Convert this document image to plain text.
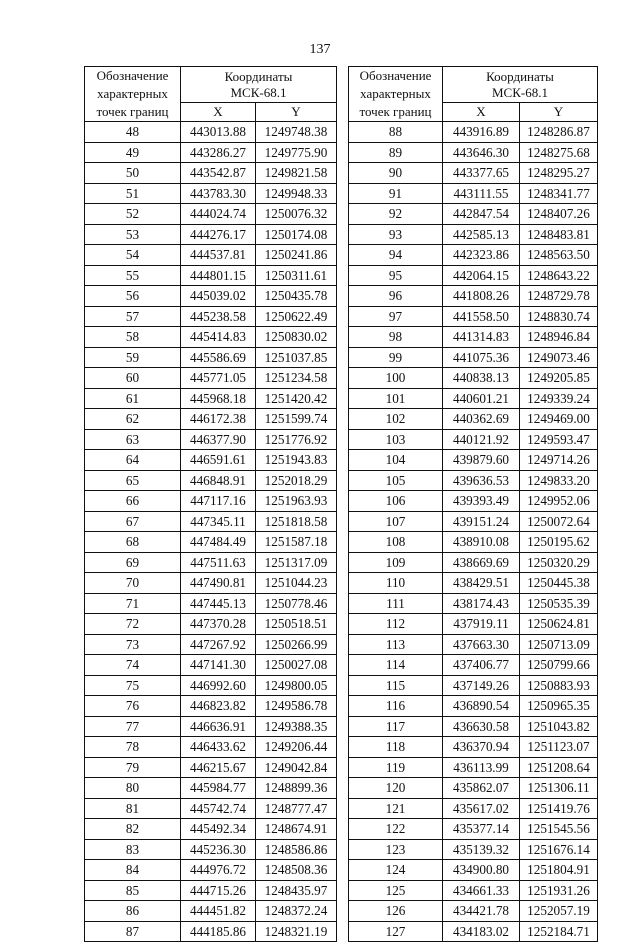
137
Обозначение
характерных
точек границ	Координаты
МСК-68.1	
	X	Y
48	443013.88	1249748.38
49	443286.27	1249775.90
50	443542.87	1249821.58
51	443783.30	1249948.33
52	444024.74	1250076.32
53	444276.17	1250174.08
54	444537.81	1250241.86
55	444801.15	1250311.61
56	445039.02	1250435.78
57	445238.58	1250622.49
58	445414.83	1250830.02
59	445586.69	1251037.85
60	445771.05	1251234.58
61	445968.18	1251420.42
62	446172.38	1251599.74
63	446377.90	1251776.92
64	446591.61	1251943.83
65	446848.91	1252018.29
66	447117.16	1251963.93
67	447345.11	1251818.58
68	447484.49	1251587.18
69	447511.63	1251317.09
70	447490.81	1251044.23
71	447445.13	1250778.46
72	447370.28	1250518.51
73	447267.92	1250266.99
74	447141.30	1250027.08
75	446992.60	1249800.05
76	446823.82	1249586.78
77	446636.91	1249388.35
78	446433.62	1249206.44
79	446215.67	1249042.84
80	445984.77	1248899.36
81	445742.74	1248777.47
82	445492.34	1248674.91
83	445236.30	1248586.86
84	444976.72	1248508.36
85	444715.26	1248435.97
86	444451.82	1248372.24
87	444185.86	1248321.19
Обозначение
характерных
точек границ	Координаты
МСК-68.1	
	X	Y
88	443916.89	1248286.87
89	443646.30	1248275.68
90	443377.65	1248295.27
91	443111.55	1248341.77
92	442847.54	1248407.26
93	442585.13	1248483.81
94	442323.86	1248563.50
95	442064.15	1248643.22
96	441808.26	1248729.78
97	441558.50	1248830.74
98	441314.83	1248946.84
99	441075.36	1249073.46
100	440838.13	1249205.85
101	440601.21	1249339.24
102	440362.69	1249469.00
103	440121.92	1249593.47
104	439879.60	1249714.26
105	439636.53	1249833.20
106	439393.49	1249952.06
107	439151.24	1250072.64
108	438910.08	1250195.62
109	438669.69	1250320.29
110	438429.51	1250445.38
111	438174.43	1250535.39
112	437919.11	1250624.81
113	437663.30	1250713.09
114	437406.77	1250799.66
115	437149.26	1250883.93
116	436890.54	1250965.35
117	436630.58	1251043.82
118	436370.94	1251123.07
119	436113.99	1251208.64
120	435862.07	1251306.11
121	435617.02	1251419.76
122	435377.14	1251545.56
123	435139.32	1251676.14
124	434900.80	1251804.91
125	434661.33	1251931.26
126	434421.78	1252057.19
127	434183.02	1252184.71
